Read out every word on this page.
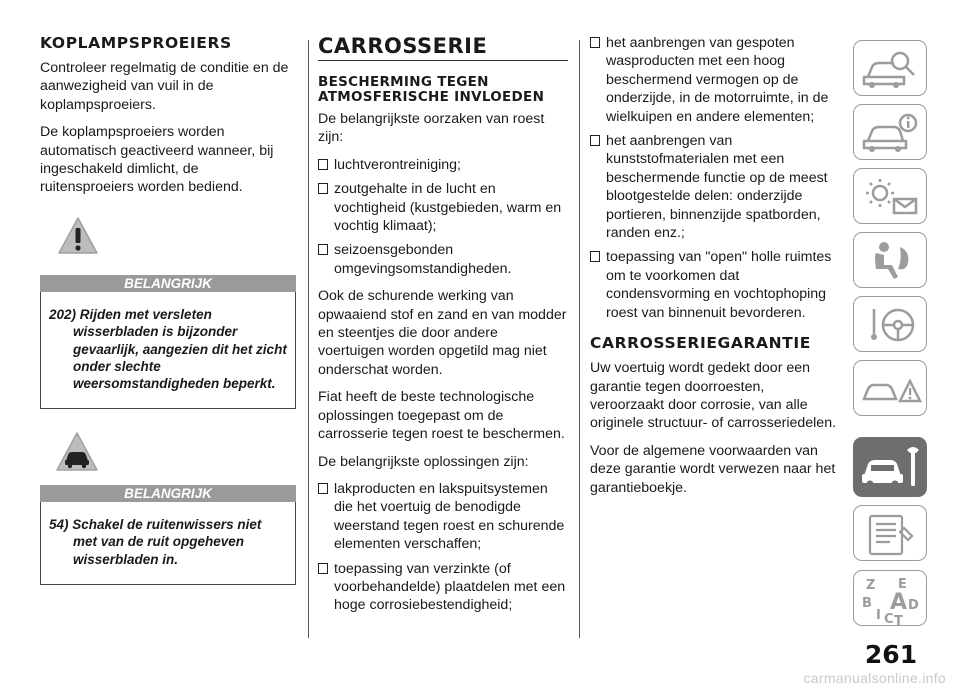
KOPLAMPSPROEIERS

Controleer regelmatig de conditie en de aanwezigheid van vuil in de koplampsproeiers.

De koplampsproeiers worden automatisch geactiveerd wanneer, bij ingeschakeld dimlicht, de ruitensproeiers worden bediend.

BELANGRIJK
202) Rijden met versleten wisserbladen is bijzonder gevaarlijk, aangezien dit het zicht onder slechte weersomstandigheden beperkt.
BELANGRIJK
54) Schakel de ruitenwissers niet met van de ruit opgeheven wisserbladen in.
CARROSSERIE
BESCHERMING TEGEN ATMOSFERISCHE INVLOEDEN

De belangrijkste oorzaken van roest zijn:

luchtverontreiniging;
zoutgehalte in de lucht en vochtigheid (kustgebieden, warm en vochtig klimaat);
seizoensgebonden omgevingsomstandigheden.

Ook de schurende werking van opwaaiend stof en zand en van modder en steentjes die door andere voertuigen worden opgetild mag niet onderschat worden.

Fiat heeft de beste technologische oplossingen toegepast om de carrosserie tegen roest te beschermen.

De belangrijkste oplossingen zijn:

lakproducten en lakspuitsystemen die het voertuig de benodigde weerstand tegen roest en schurende elementen verschaffen;
toepassing van verzinkte (of voorbehandelde) plaatdelen met een hoge corrosiebestendigheid;
het aanbrengen van gespoten wasproducten met een hoog beschermend vermogen op de onderzijde, in de motorruimte, in de wielkuipen en andere elementen;
het aanbrengen van kunststofmaterialen met een beschermende functie op de meest blootgestelde delen: onderzijde portieren, binnenzijde spatborden, randen enz.;
toepassing van "open" holle ruimtes om te voorkomen dat condensvorming en vochtophoping roest van binnenuit bevorderen.
CARROSSERIEGARANTIE

Uw voertuig wordt gedekt door een garantie tegen doorroesten, veroorzaakt door corrosie, van alle originele structuur- of carrosseriedelen.

Voor de algemene voorwaarden van deze garantie wordt verwezen naar het garantieboekje.

Z E
B	D
I C T
A
261
carmanualsonline.info
